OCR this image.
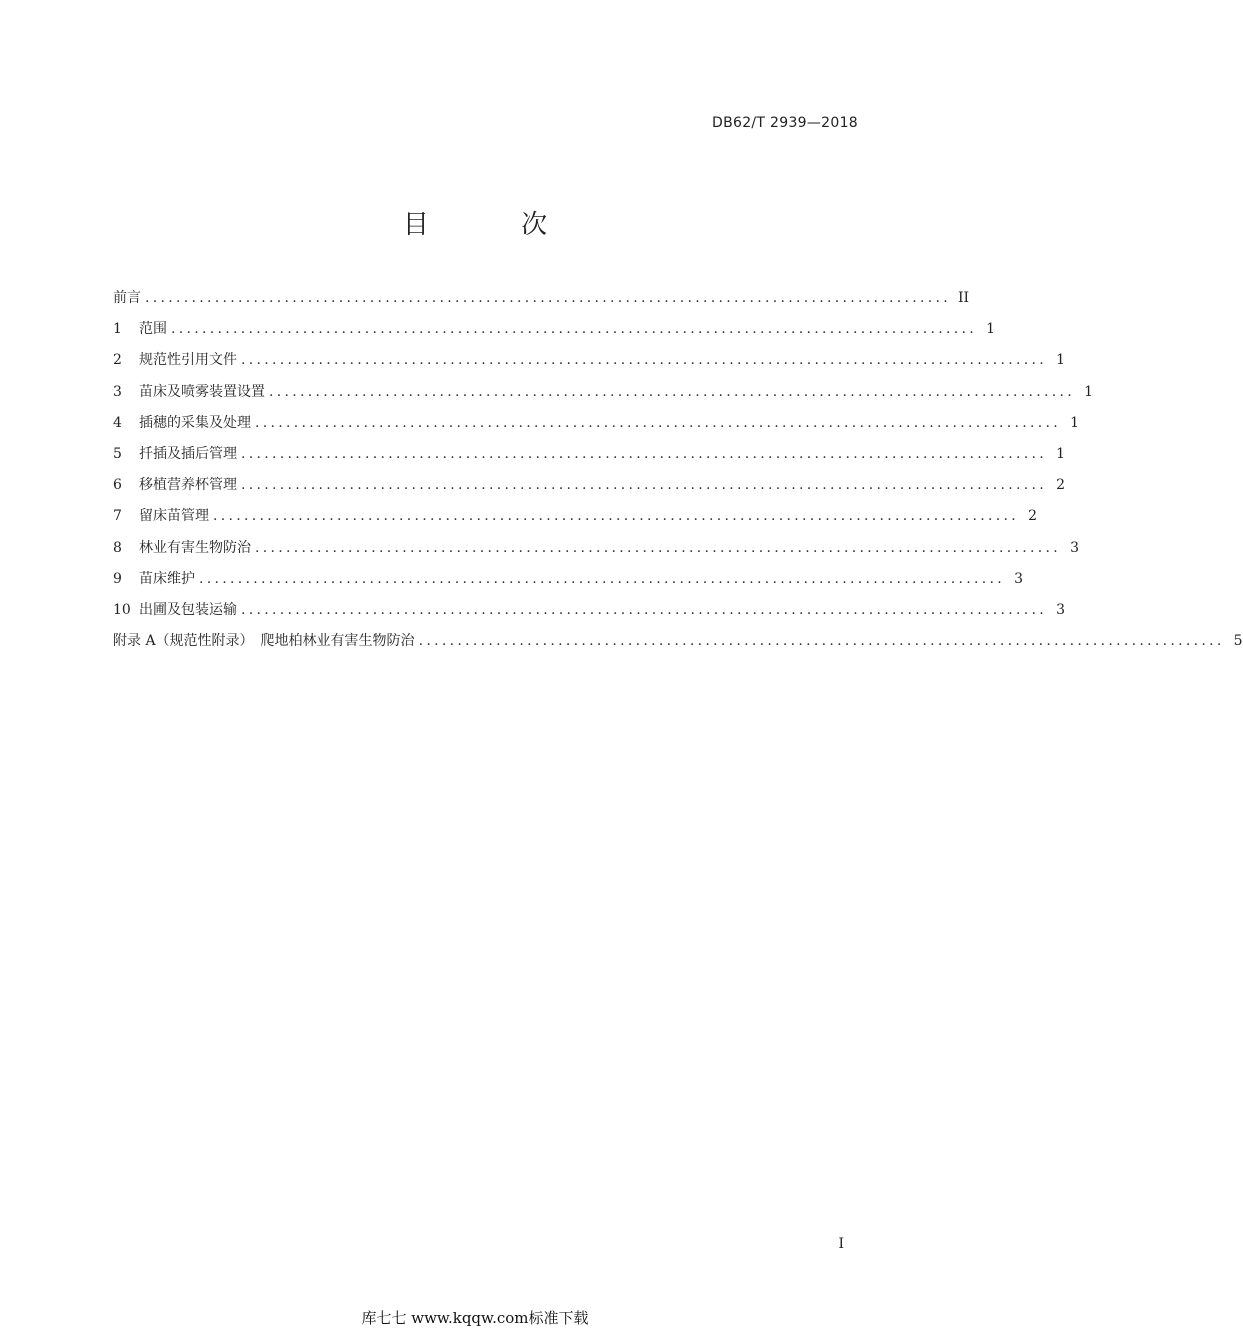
DB62/T 2939—2018
目 次
前言 ........................................................................................................ II
1	范围 ........................................................................................................ 1
2	规范性引用文件 ........................................................................................................ 1
3	苗床及喷雾装置设置 ........................................................................................................ 1
4	插穗的采集及处理 ........................................................................................................ 1
5	扦插及插后管理 ........................................................................................................ 1
6	移植营养杯管理 ........................................................................................................ 2
7	留床苗管理 ........................................................................................................ 2
8	林业有害生物防治 ........................................................................................................ 3
9	苗床维护 ........................................................................................................ 3
10 出圃及包装运输 ........................................................................................................ 3
附录 A（规范性附录）　爬地柏林业有害生物防治 ........................................................................................................ 5
I
库七七 www.kqqw.com标准下载
